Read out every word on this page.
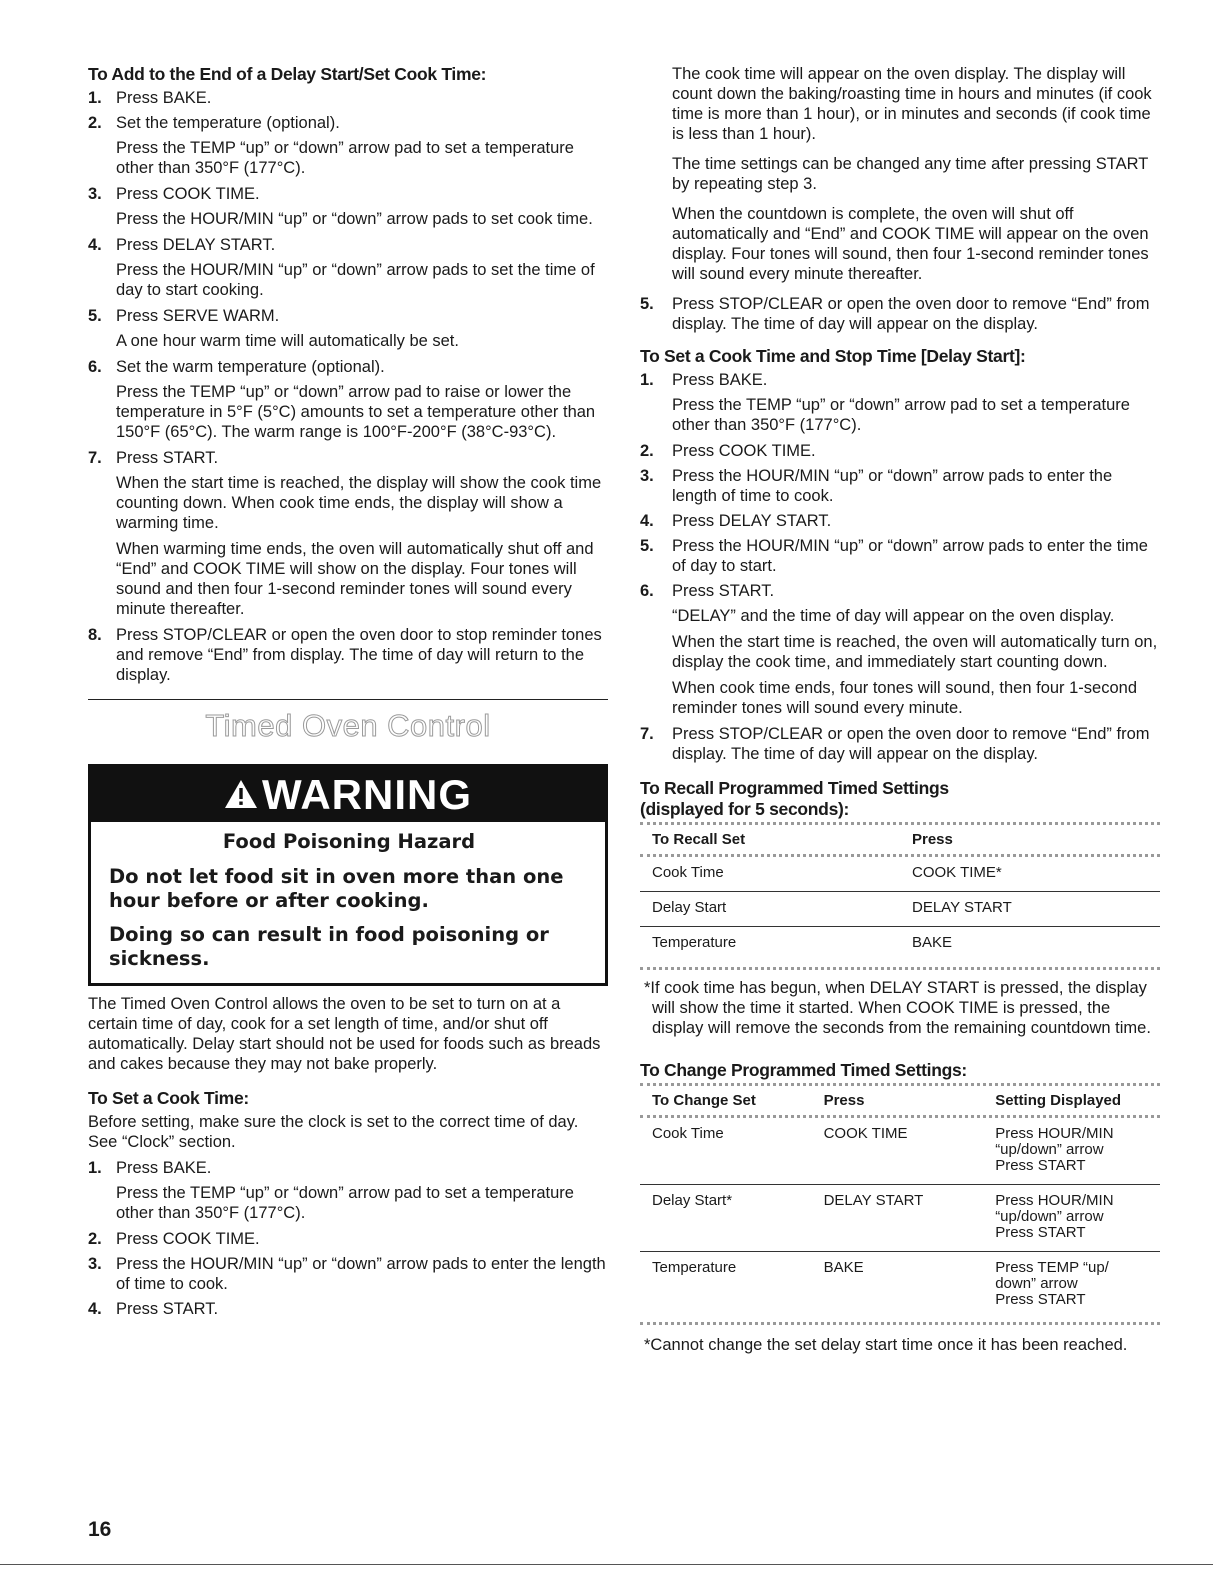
To Add to the End of a Delay Start/Set Cook Time:
1. Press BAKE.
2. Set the temperature (optional).

Press the TEMP “up” or “down” arrow pad to set a temperature other than 350°F (177°C).

3. Press COOK TIME.

Press the HOUR/MIN “up” or “down” arrow pads to set cook time.

4. Press DELAY START.

Press the HOUR/MIN “up” or “down” arrow pads to set the time of day to start cooking.

5. Press SERVE WARM.

A one hour warm time will automatically be set.

6. Set the warm temperature (optional).

Press the TEMP “up” or “down” arrow pad to raise or lower the temperature in 5°F (5°C) amounts to set a temperature other than 150°F (65°C). The warm range is 100°F-200°F (38°C-93°C).

7. Press START.

When the start time is reached, the display will show the cook time counting down. When cook time ends, the display will show a warming time.

When warming time ends, the oven will automatically shut off and “End” and COOK TIME will show on the display. Four tones will sound and then four 1-second reminder tones will sound every minute thereafter.

8. Press STOP/CLEAR or open the oven door to stop reminder tones and remove “End” from display. The time of day will return to the display.
Timed Oven Control
WARNING
Food Poisoning Hazard
Do not let food sit in oven more than one hour before or after cooking.
Doing so can result in food poisoning or sickness.

The Timed Oven Control allows the oven to be set to turn on at a certain time of day, cook for a set length of time, and/or shut off automatically. Delay start should not be used for foods such as breads and cakes because they may not bake properly.

To Set a Cook Time:

Before setting, make sure the clock is set to the correct time of day. See “Clock” section.

1. Press BAKE.

Press the TEMP “up” or “down” arrow pad to set a temperature other than 350°F (177°C).

2. Press COOK TIME.
3. Press the HOUR/MIN “up” or “down” arrow pads to enter the length of time to cook.
4. Press START.
16

The cook time will appear on the oven display. The display will count down the baking/roasting time in hours and minutes (if cook time is more than 1 hour), or in minutes and seconds (if cook time is less than 1 hour).

The time settings can be changed any time after pressing START by repeating step 3.

When the countdown is complete, the oven will shut off automatically and “End” and COOK TIME will appear on the oven display. Four tones will sound, then four 1-second reminder tones will sound every minute thereafter.

5. Press STOP/CLEAR or open the oven door to remove “End” from display. The time of day will appear on the display.
To Set a Cook Time and Stop Time [Delay Start]:
1. Press BAKE.

Press the TEMP “up” or “down” arrow pad to set a temperature other than 350°F (177°C).

2. Press COOK TIME.
3. Press the HOUR/MIN “up” or “down” arrow pads to enter the length of time to cook.
4. Press DELAY START.
5. Press the HOUR/MIN “up” or “down” arrow pads to enter the time of day to start.
6. Press START.

“DELAY” and the time of day will appear on the oven display.

When the start time is reached, the oven will automatically turn on, display the cook time, and immediately start counting down.

When cook time ends, four tones will sound, then four 1-second reminder tones will sound every minute.

7. Press STOP/CLEAR or open the oven door to remove “End” from display. The time of day will appear on the display.
To Recall Programmed Timed Settings
(displayed for 5 seconds):
To Recall Set	Press
Cook Time	COOK TIME*
Delay Start	DELAY START
Temperature	BAKE

*If cook time has begun, when DELAY START is pressed, the display will show the time it started. When COOK TIME is pressed, the display will remove the seconds from the remaining countdown time.

To Change Programmed Timed Settings:
To Change Set	Press	Setting Displayed
Cook Time	COOK TIME	Press HOUR/MIN
“up/down” arrow
Press START
Delay Start*	DELAY START	Press HOUR/MIN
“up/down” arrow
Press START
Temperature	BAKE	Press TEMP “up/
down” arrow
Press START

*Cannot change the set delay start time once it has been reached.
